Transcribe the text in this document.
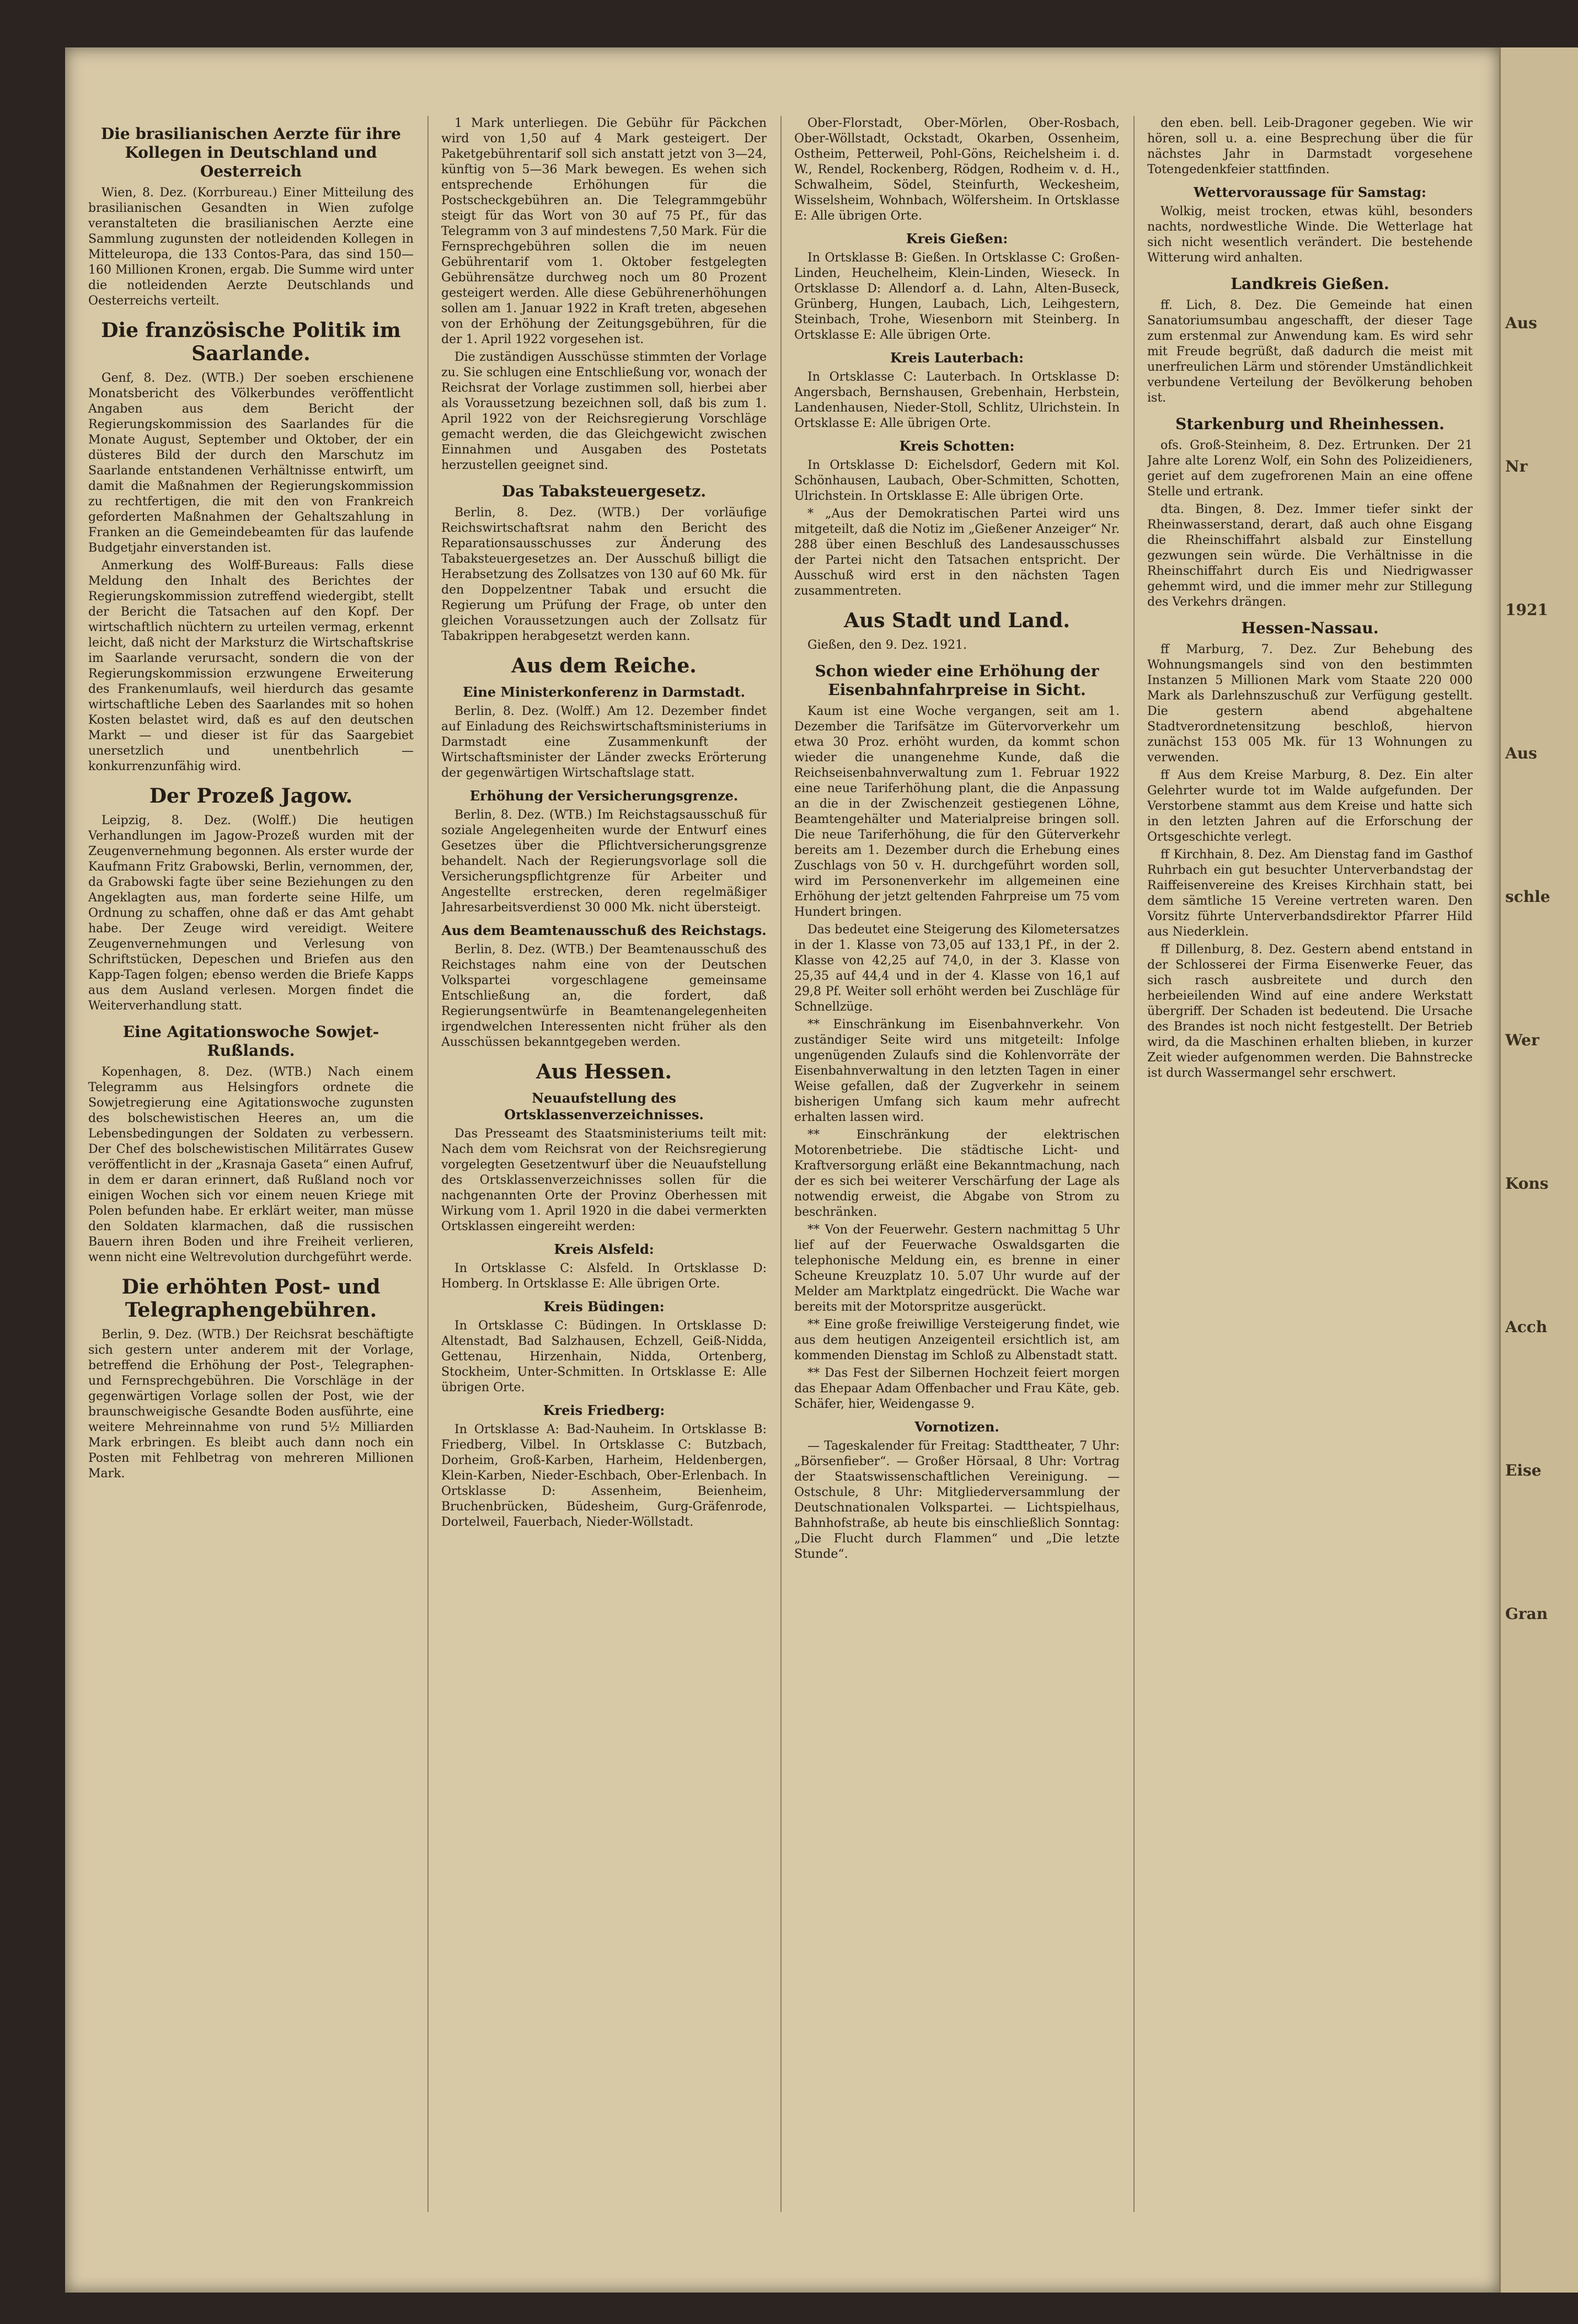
Aus
Nr
1921
Aus
schle
Wer
Kons
Acch
Eise
Gran
Die brasilianischen Aerzte für ihre Kollegen in Deutschland und Oesterreich

Wien, 8. Dez. (Korrbureau.) Einer Mitteilung des brasilianischen Gesandten in Wien zufolge veranstalteten die brasilianischen Aerzte eine Sammlung zugunsten der notleidenden Kollegen in Mitteleuropa, die 133 Contos-Para, das sind 150—160 Millionen Kronen, ergab. Die Summe wird unter die notleidenden Aerzte Deutschlands und Oesterreichs verteilt.

Die französische Politik im Saarlande.

Genf, 8. Dez. (WTB.) Der soeben erschienene Monatsbericht des Völkerbundes veröffentlicht Angaben aus dem Bericht der Regierungskommission des Saarlandes für die Monate August, September und Oktober, der ein düsteres Bild der durch den Marschutz im Saarlande entstandenen Verhältnisse entwirft, um damit die Maßnahmen der Regierungskommission zu rechtfertigen, die mit den von Frankreich geforderten Maßnahmen der Gehaltszahlung in Franken an die Gemeindebeamten für das laufende Budgetjahr einverstanden ist.

Anmerkung des Wolff-Bureaus: Falls diese Meldung den Inhalt des Berichtes der Regierungskommission zutreffend wiedergibt, stellt der Bericht die Tatsachen auf den Kopf. Der wirtschaftlich nüchtern zu urteilen vermag, erkennt leicht, daß nicht der Marksturz die Wirtschaftskrise im Saarlande verursacht, sondern die von der Regierungskommission erzwungene Erweiterung des Frankenumlaufs, weil hierdurch das gesamte wirtschaftliche Leben des Saarlandes mit so hohen Kosten belastet wird, daß es auf den deutschen Markt — und dieser ist für das Saargebiet unersetzlich und unentbehrlich — konkurrenzunfähig wird.

Der Prozeß Jagow.

Leipzig, 8. Dez. (Wolff.) Die heutigen Verhandlungen im Jagow-Prozeß wurden mit der Zeugenvernehmung begonnen. Als erster wurde der Kaufmann Fritz Grabowski, Berlin, vernommen, der, da Grabowski fagte über seine Beziehungen zu den Angeklagten aus, man forderte seine Hilfe, um Ordnung zu schaffen, ohne daß er das Amt gehabt habe. Der Zeuge wird vereidigt. Weitere Zeugenvernehmungen und Verlesung von Schriftstücken, Depeschen und Briefen aus den Kapp-Tagen folgen; ebenso werden die Briefe Kapps aus dem Ausland verlesen. Morgen findet die Weiterverhandlung statt.

Eine Agitationswoche Sowjet-Rußlands.

Kopenhagen, 8. Dez. (WTB.) Nach einem Telegramm aus Helsingfors ordnete die Sowjetregierung eine Agitationswoche zugunsten des bolschewistischen Heeres an, um die Lebensbedingungen der Soldaten zu verbessern. Der Chef des bolschewistischen Militärrates Gusew veröffentlicht in der „Krasnaja Gaseta“ einen Aufruf, in dem er daran erinnert, daß Rußland noch vor einigen Wochen sich vor einem neuen Kriege mit Polen befunden habe. Er erklärt weiter, man müsse den Soldaten klarmachen, daß die russischen Bauern ihren Boden und ihre Freiheit verlieren, wenn nicht eine Weltrevolution durchgeführt werde.

Die erhöhten Post- und Telegraphengebühren.

Berlin, 9. Dez. (WTB.) Der Reichsrat beschäftigte sich gestern unter anderem mit der Vorlage, betreffend die Erhöhung der Post-, Telegraphen- und Fernsprechgebühren. Die Vorschläge in der gegenwärtigen Vorlage sollen der Post, wie der braunschweigische Gesandte Boden ausführte, eine weitere Mehreinnahme von rund 5½ Milliarden Mark erbringen. Es bleibt auch dann noch ein Posten mit Fehlbetrag von mehreren Millionen Mark.

1 Mark unterliegen. Die Gebühr für Päckchen wird von 1,50 auf 4 Mark gesteigert. Der Paketgebührentarif soll sich anstatt jetzt von 3—24, künftig von 5—36 Mark bewegen. Es wehen sich entsprechende Erhöhungen für die Postscheckgebühren an. Die Telegrammgebühr steigt für das Wort von 30 auf 75 Pf., für das Telegramm von 3 auf mindestens 7,50 Mark. Für die Fernsprechgebühren sollen die im neuen Gebührentarif vom 1. Oktober festgelegten Gebührensätze durchweg noch um 80 Prozent gesteigert werden. Alle diese Gebührenerhöhungen sollen am 1. Januar 1922 in Kraft treten, abgesehen von der Erhöhung der Zeitungsgebühren, für die der 1. April 1922 vorgesehen ist.

Die zuständigen Ausschüsse stimmten der Vorlage zu. Sie schlugen eine Entschließung vor, wonach der Reichsrat der Vorlage zustimmen soll, hierbei aber als Voraussetzung bezeichnen soll, daß bis zum 1. April 1922 von der Reichsregierung Vorschläge gemacht werden, die das Gleichgewicht zwischen Einnahmen und Ausgaben des Postetats herzustellen geeignet sind.

Das Tabaksteuergesetz.

Berlin, 8. Dez. (WTB.) Der vorläufige Reichswirtschaftsrat nahm den Bericht des Reparationsausschusses zur Änderung des Tabaksteuergesetzes an. Der Ausschuß billigt die Herabsetzung des Zollsatzes von 130 auf 60 Mk. für den Doppelzentner Tabak und ersucht die Regierung um Prüfung der Frage, ob unter den gleichen Voraussetzungen auch der Zollsatz für Tabakrippen herabgesetzt werden kann.

Aus dem Reiche.
Eine Ministerkonferenz in Darmstadt.

Berlin, 8. Dez. (Wolff.) Am 12. Dezember findet auf Einladung des Reichswirtschaftsministeriums in Darmstadt eine Zusammenkunft der Wirtschaftsminister der Länder zwecks Erörterung der gegenwärtigen Wirtschaftslage statt.

Erhöhung der Versicherungsgrenze.

Berlin, 8. Dez. (WTB.) Im Reichstagsausschuß für soziale Angelegenheiten wurde der Entwurf eines Gesetzes über die Pflichtversicherungsgrenze behandelt. Nach der Regierungsvorlage soll die Versicherungspflichtgrenze für Arbeiter und Angestellte erstrecken, deren regelmäßiger Jahresarbeitsverdienst 30 000 Mk. nicht übersteigt.

Aus dem Beamtenausschuß des Reichstags.

Berlin, 8. Dez. (WTB.) Der Beamtenausschuß des Reichstages nahm eine von der Deutschen Volkspartei vorgeschlagene gemeinsame Entschließung an, die fordert, daß Regierungsentwürfe in Beamtenangelegenheiten irgendwelchen Interessenten nicht früher als den Ausschüssen bekanntgegeben werden.

Aus Hessen.
Neuaufstellung des Ortsklassenverzeichnisses.

Das Presseamt des Staatsministeriums teilt mit: Nach dem vom Reichsrat von der Reichsregierung vorgelegten Gesetzentwurf über die Neuaufstellung des Ortsklassenverzeichnisses sollen für die nachgenannten Orte der Provinz Oberhessen mit Wirkung vom 1. April 1920 in die dabei vermerkten Ortsklassen eingereiht werden:

Kreis Alsfeld:

In Ortsklasse C: Alsfeld. In Ortsklasse D: Homberg. In Ortsklasse E: Alle übrigen Orte.

Kreis Büdingen:

In Ortsklasse C: Büdingen. In Ortsklasse D: Altenstadt, Bad Salzhausen, Echzell, Geiß-Nidda, Gettenau, Hirzenhain, Nidda, Ortenberg, Stockheim, Unter-Schmitten. In Ortsklasse E: Alle übrigen Orte.

Kreis Friedberg:

In Ortsklasse A: Bad-Nauheim. In Ortsklasse B: Friedberg, Vilbel. In Ortsklasse C: Butzbach, Dorheim, Groß-Karben, Harheim, Heldenbergen, Klein-Karben, Nieder-Eschbach, Ober-Erlenbach. In Ortsklasse D: Assenheim, Beienheim, Bruchenbrücken, Büdesheim, Gurg-Gräfenrode, Dortelweil, Fauerbach, Nieder-Wöllstadt.

Ober-Florstadt, Ober-Mörlen, Ober-Rosbach, Ober-Wöllstadt, Ockstadt, Okarben, Ossenheim, Ostheim, Petterweil, Pohl-Göns, Reichelsheim i. d. W., Rendel, Rockenberg, Rödgen, Rodheim v. d. H., Schwalheim, Södel, Steinfurth, Weckesheim, Wisselsheim, Wohnbach, Wölfersheim. In Ortsklasse E: Alle übrigen Orte.

Kreis Gießen:

In Ortsklasse B: Gießen. In Ortsklasse C: Großen-Linden, Heuchelheim, Klein-Linden, Wieseck. In Ortsklasse D: Allendorf a. d. Lahn, Alten-Buseck, Grünberg, Hungen, Laubach, Lich, Leihgestern, Steinbach, Trohe, Wiesenborn mit Steinberg. In Ortsklasse E: Alle übrigen Orte.

Kreis Lauterbach:

In Ortsklasse C: Lauterbach. In Ortsklasse D: Angersbach, Bernshausen, Grebenhain, Herbstein, Landenhausen, Nieder-Stoll, Schlitz, Ulrichstein. In Ortsklasse E: Alle übrigen Orte.

Kreis Schotten:

In Ortsklasse D: Eichelsdorf, Gedern mit Kol. Schönhausen, Laubach, Ober-Schmitten, Schotten, Ulrichstein. In Ortsklasse E: Alle übrigen Orte.

* „Aus der Demokratischen Partei wird uns mitgeteilt, daß die Notiz im „Gießener Anzeiger“ Nr. 288 über einen Beschluß des Landesausschusses der Partei nicht den Tatsachen entspricht. Der Ausschuß wird erst in den nächsten Tagen zusammentreten.

Aus Stadt und Land.

Gießen, den 9. Dez. 1921.

Schon wieder eine Erhöhung der Eisenbahnfahrpreise in Sicht.

Kaum ist eine Woche vergangen, seit am 1. Dezember die Tarifsätze im Gütervorverkehr um etwa 30 Proz. erhöht wurden, da kommt schon wieder die unangenehme Kunde, daß die Reichseisenbahnverwaltung zum 1. Februar 1922 eine neue Tariferhöhung plant, die die Anpassung an die in der Zwischenzeit gestiegenen Löhne, Beamtengehälter und Materialpreise bringen soll. Die neue Tariferhöhung, die für den Güterverkehr bereits am 1. Dezember durch die Erhebung eines Zuschlags von 50 v. H. durchgeführt worden soll, wird im Personenverkehr im allgemeinen eine Erhöhung der jetzt geltenden Fahrpreise um 75 vom Hundert bringen.

Das bedeutet eine Steigerung des Kilometersatzes in der 1. Klasse von 73,05 auf 133,1 Pf., in der 2. Klasse von 42,25 auf 74,0, in der 3. Klasse von 25,35 auf 44,4 und in der 4. Klasse von 16,1 auf 29,8 Pf. Weiter soll erhöht werden bei Zuschläge für Schnellzüge.

** Einschränkung im Eisenbahnverkehr. Von zuständiger Seite wird uns mitgeteilt: Infolge ungenügenden Zulaufs sind die Kohlenvorräte der Eisenbahnverwaltung in den letzten Tagen in einer Weise gefallen, daß der Zugverkehr in seinem bisherigen Umfang sich kaum mehr aufrecht erhalten lassen wird.

** Einschränkung der elektrischen Motorenbetriebe. Die städtische Licht- und Kraftversorgung erläßt eine Bekanntmachung, nach der es sich bei weiterer Verschärfung der Lage als notwendig erweist, die Abgabe von Strom zu beschränken.

** Von der Feuerwehr. Gestern nachmittag 5 Uhr lief auf der Feuerwache Oswaldsgarten die telephonische Meldung ein, es brenne in einer Scheune Kreuzplatz 10. 5.07 Uhr wurde auf der Melder am Marktplatz eingedrückt. Die Wache war bereits mit der Motorspritze ausgerückt.

** Eine große freiwillige Versteigerung findet, wie aus dem heutigen Anzeigenteil ersichtlich ist, am kommenden Dienstag im Schloß zu Albenstadt statt.

** Das Fest der Silbernen Hochzeit feiert morgen das Ehepaar Adam Offenbacher und Frau Käte, geb. Schäfer, hier, Weidengasse 9.

Vornotizen.

— Tageskalender für Freitag: Stadttheater, 7 Uhr: „Börsenfieber“. — Großer Hörsaal, 8 Uhr: Vortrag der Staatswissenschaftlichen Vereinigung. — Ostschule, 8 Uhr: Mitgliederversammlung der Deutschnationalen Volkspartei. — Lichtspielhaus, Bahnhofstraße, ab heute bis einschließlich Sonntag: „Die Flucht durch Flammen“ und „Die letzte Stunde“.

den eben. bell. Leib-Dragoner gegeben. Wie wir hören, soll u. a. eine Besprechung über die für nächstes Jahr in Darmstadt vorgesehene Totengedenkfeier stattfinden.

Wettervoraussage für Samstag:

Wolkig, meist trocken, etwas kühl, besonders nachts, nordwestliche Winde. Die Wetterlage hat sich nicht wesentlich verändert. Die bestehende Witterung wird anhalten.

Landkreis Gießen.

ff. Lich, 8. Dez. Die Gemeinde hat einen Sanatoriumsumbau angeschafft, der dieser Tage zum erstenmal zur Anwendung kam. Es wird sehr mit Freude begrüßt, daß dadurch die meist mit unerfreulichen Lärm und störender Umständlichkeit verbundene Verteilung der Bevölkerung behoben ist.

Starkenburg und Rheinhessen.

ofs. Groß-Steinheim, 8. Dez. Ertrunken. Der 21 Jahre alte Lorenz Wolf, ein Sohn des Polizeidieners, geriet auf dem zugefrorenen Main an eine offene Stelle und ertrank.

dta. Bingen, 8. Dez. Immer tiefer sinkt der Rheinwasserstand, derart, daß auch ohne Eisgang die Rheinschiffahrt alsbald zur Einstellung gezwungen sein würde. Die Verhältnisse in die Rheinschiffahrt durch Eis und Niedrigwasser gehemmt wird, und die immer mehr zur Stillegung des Verkehrs drängen.

Hessen-Nassau.

ff Marburg, 7. Dez. Zur Behebung des Wohnungsmangels sind von den bestimmten Instanzen 5 Millionen Mark vom Staate 220 000 Mark als Darlehnszuschuß zur Verfügung gestellt. Die gestern abend abgehaltene Stadtverordnetensitzung beschloß, hiervon zunächst 153 005 Mk. für 13 Wohnungen zu verwenden.

ff Aus dem Kreise Marburg, 8. Dez. Ein alter Gelehrter wurde tot im Walde aufgefunden. Der Verstorbene stammt aus dem Kreise und hatte sich in den letzten Jahren auf die Erforschung der Ortsgeschichte verlegt.

ff Kirchhain, 8. Dez. Am Dienstag fand im Gasthof Ruhrbach ein gut besuchter Unterverbandstag der Raiffeisenvereine des Kreises Kirchhain statt, bei dem sämtliche 15 Vereine vertreten waren. Den Vorsitz führte Unterverbandsdirektor Pfarrer Hild aus Niederklein.

ff Dillenburg, 8. Dez. Gestern abend entstand in der Schlosserei der Firma Eisenwerke Feuer, das sich rasch ausbreitete und durch den herbeieilenden Wind auf eine andere Werkstatt übergriff. Der Schaden ist bedeutend. Die Ursache des Brandes ist noch nicht festgestellt. Der Betrieb wird, da die Maschinen erhalten blieben, in kurzer Zeit wieder aufgenommen werden. Die Bahnstrecke ist durch Wassermangel sehr erschwert.
